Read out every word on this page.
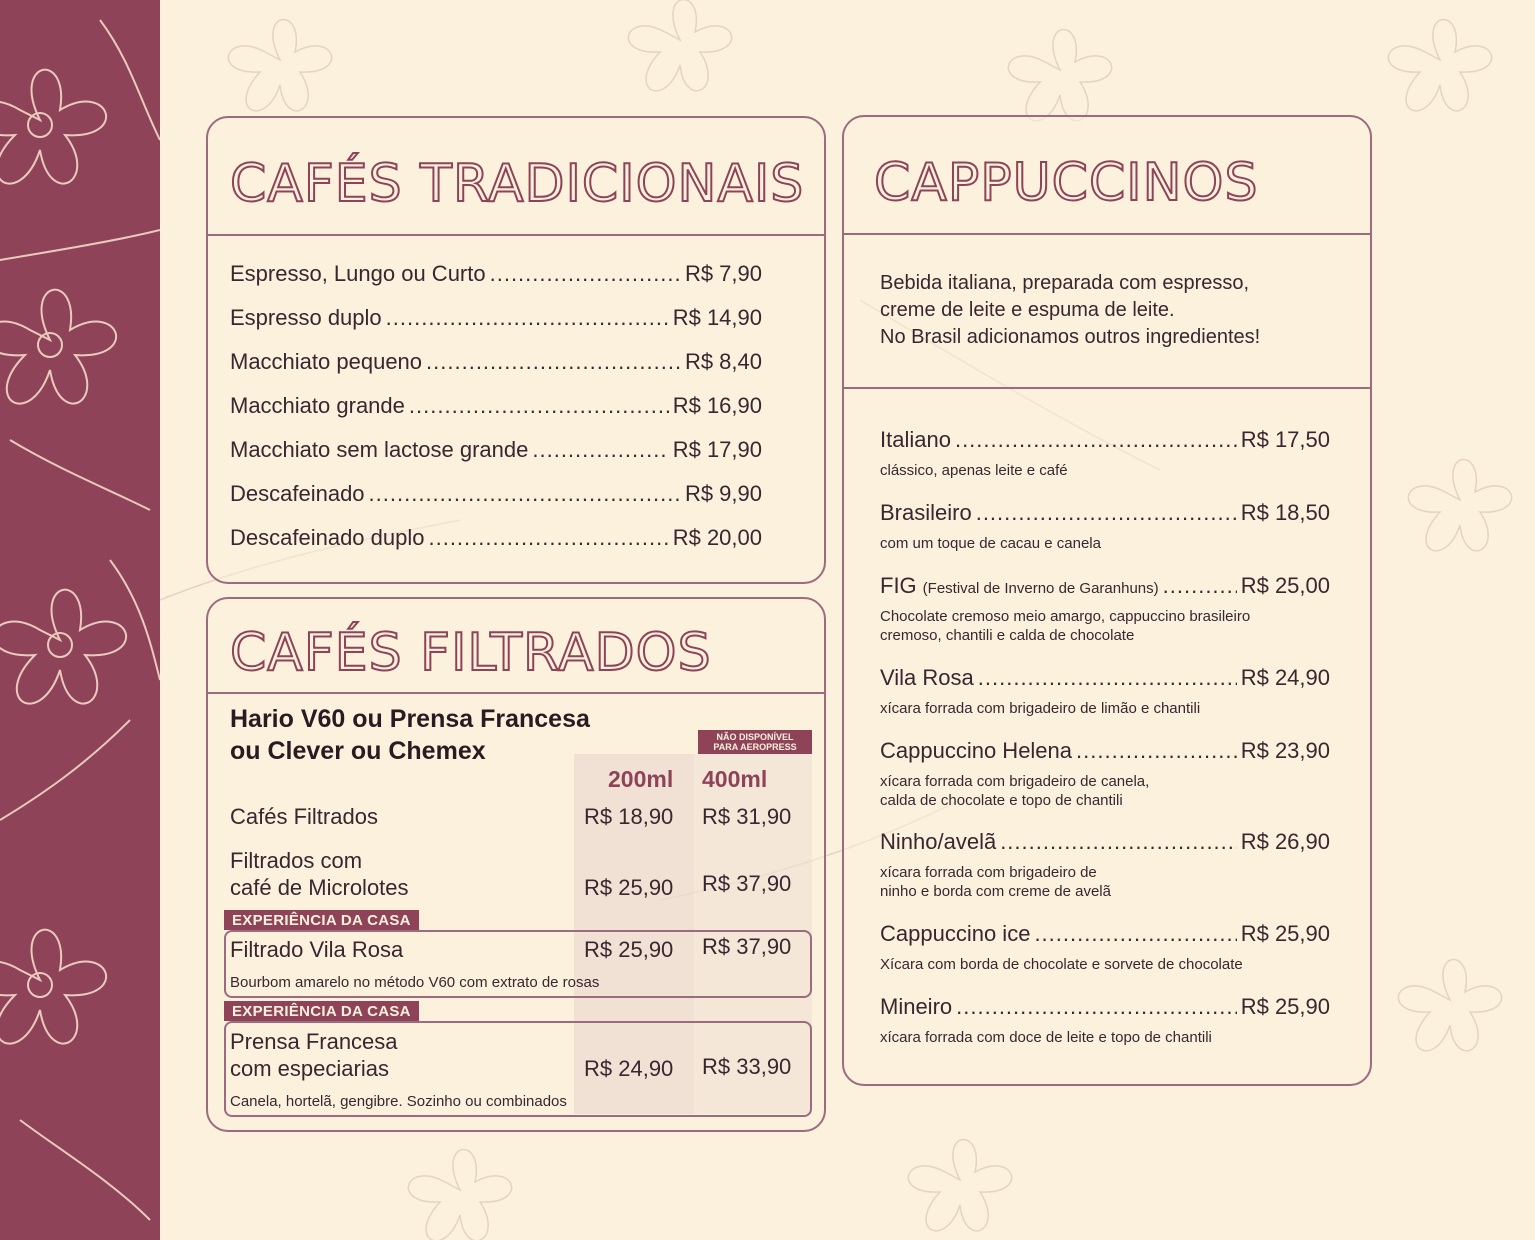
CAFÉS TRADICIONAIS
Espresso, Lungo ou Curto .....	R$ 7,90
Espresso duplo .....	R$ 14,90
Macchiato pequeno .....	R$ 8,40
Macchiato grande .....	R$ 16,90
Macchiato sem lactose grande .....	R$ 17,90
Descafeinado .....	R$ 9,90
Descafeinado duplo .....	R$ 20,00
CAFÉS FILTRADOS
Hario V60 ou Prensa Francesa
ou Clever ou Chemex	NÃO DISPONÍVEL
PARA AEROPRESS
200ml 400ml
Cafés Filtrados	R$ 18,90 R$ 31,90
Filtrados com
café de Microlotes	R$ 25,90 R$ 37,90
EXPERIÊNCIA DA CASA
Filtrado Vila Rosa	R$ 25,90 R$ 37,90
Bourbom amarelo no método V60 com extrato de rosas
EXPERIÊNCIA DA CASA
Prensa Francesa
com especiarias	R$ 24,90 R$ 33,90
Canela, hortelã, gengibre. Sozinho ou combinados
CAPPUCCINOS
Bebida italiana, preparada com espresso,
creme de leite e espuma de leite.
No Brasil adicionamos outros ingredientes!
Italiano .....	R$ 17,50
clássico, apenas leite e café
Brasileiro .....	R$ 18,50
com um toque de cacau e canela
FIG (Festival de Inverno de Garanhuns) .....	R$ 25,00
Chocolate cremoso meio amargo, cappuccino brasileiro
cremoso, chantili e calda de chocolate
Vila Rosa .....	R$ 24,90
xícara forrada com brigadeiro de limão e chantili
Cappuccino Helena .....	R$ 23,90
xícara forrada com brigadeiro de canela,
calda de chocolate e topo de chantili
Ninho/avelã .....	R$ 26,90
xícara forrada com brigadeiro de
ninho e borda com creme de avelã
Cappuccino ice .....	R$ 25,90
Xícara com borda de chocolate e sorvete de chocolate
Mineiro .....	R$ 25,90
xícara forrada com doce de leite e topo de chantili
